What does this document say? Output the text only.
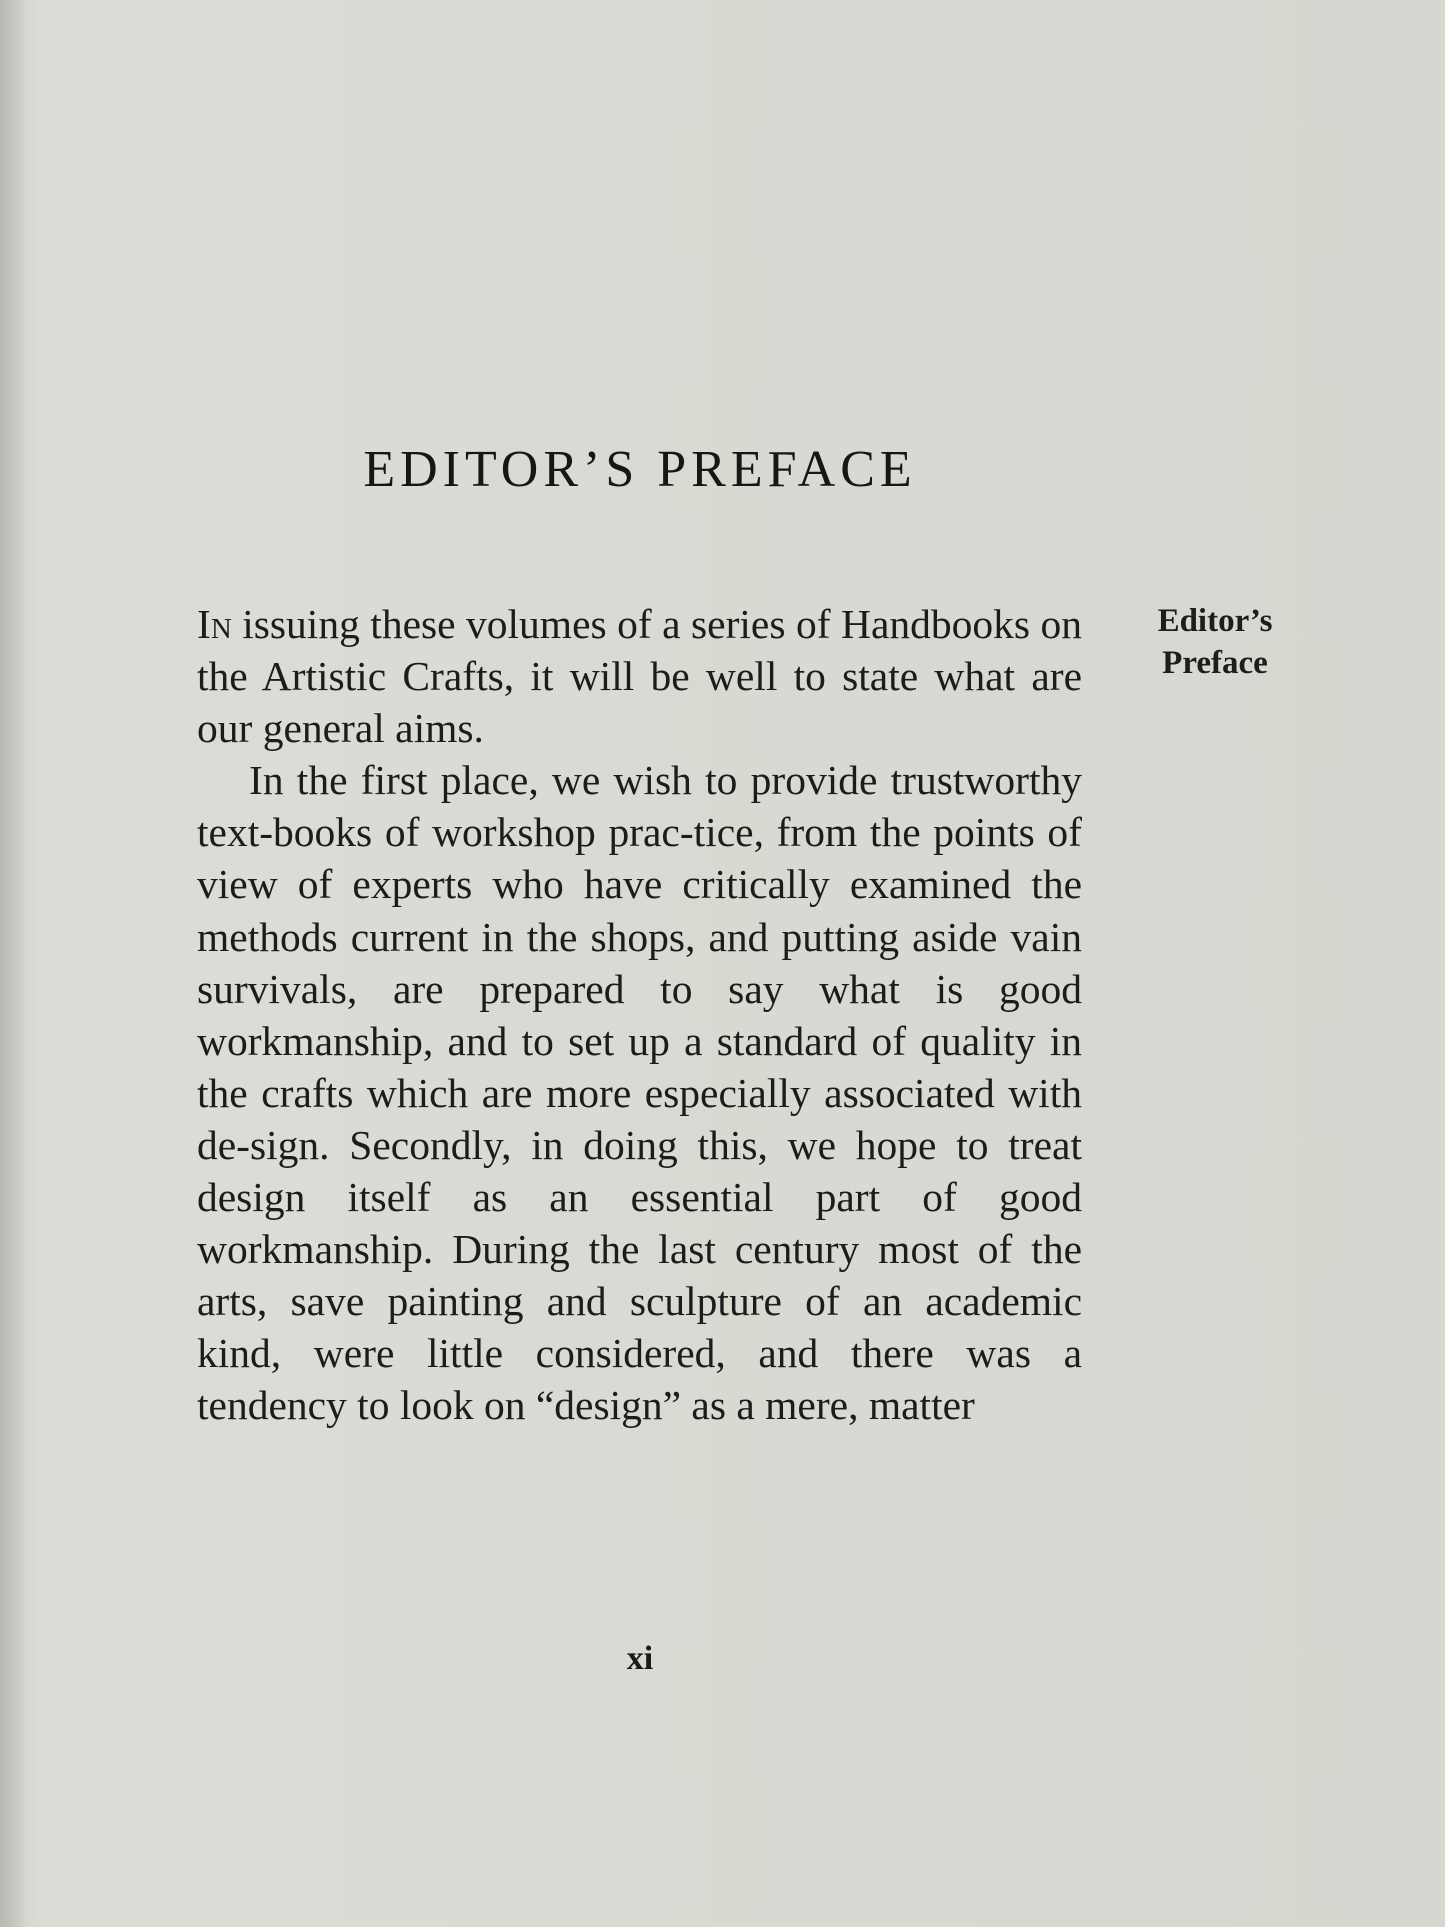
EDITOR’S PREFACE

In issuing these volumes of a series of Handbooks on the Artistic Crafts, it will be well to state what are our general aims.

In the first place, we wish to provide trustworthy text-books of workshop prac-tice, from the points of view of experts who have critically examined the methods current in the shops, and putting aside vain survivals, are prepared to say what is good workmanship, and to set up a standard of quality in the crafts which are more especially associated with de-sign. Secondly, in doing this, we hope to treat design itself as an essential part of good workmanship. During the last century most of the arts, save painting and sculpture of an academic kind, were little considered, and there was a tendency to look on “design” as a mere, matter

Editor’s
Preface
xi
